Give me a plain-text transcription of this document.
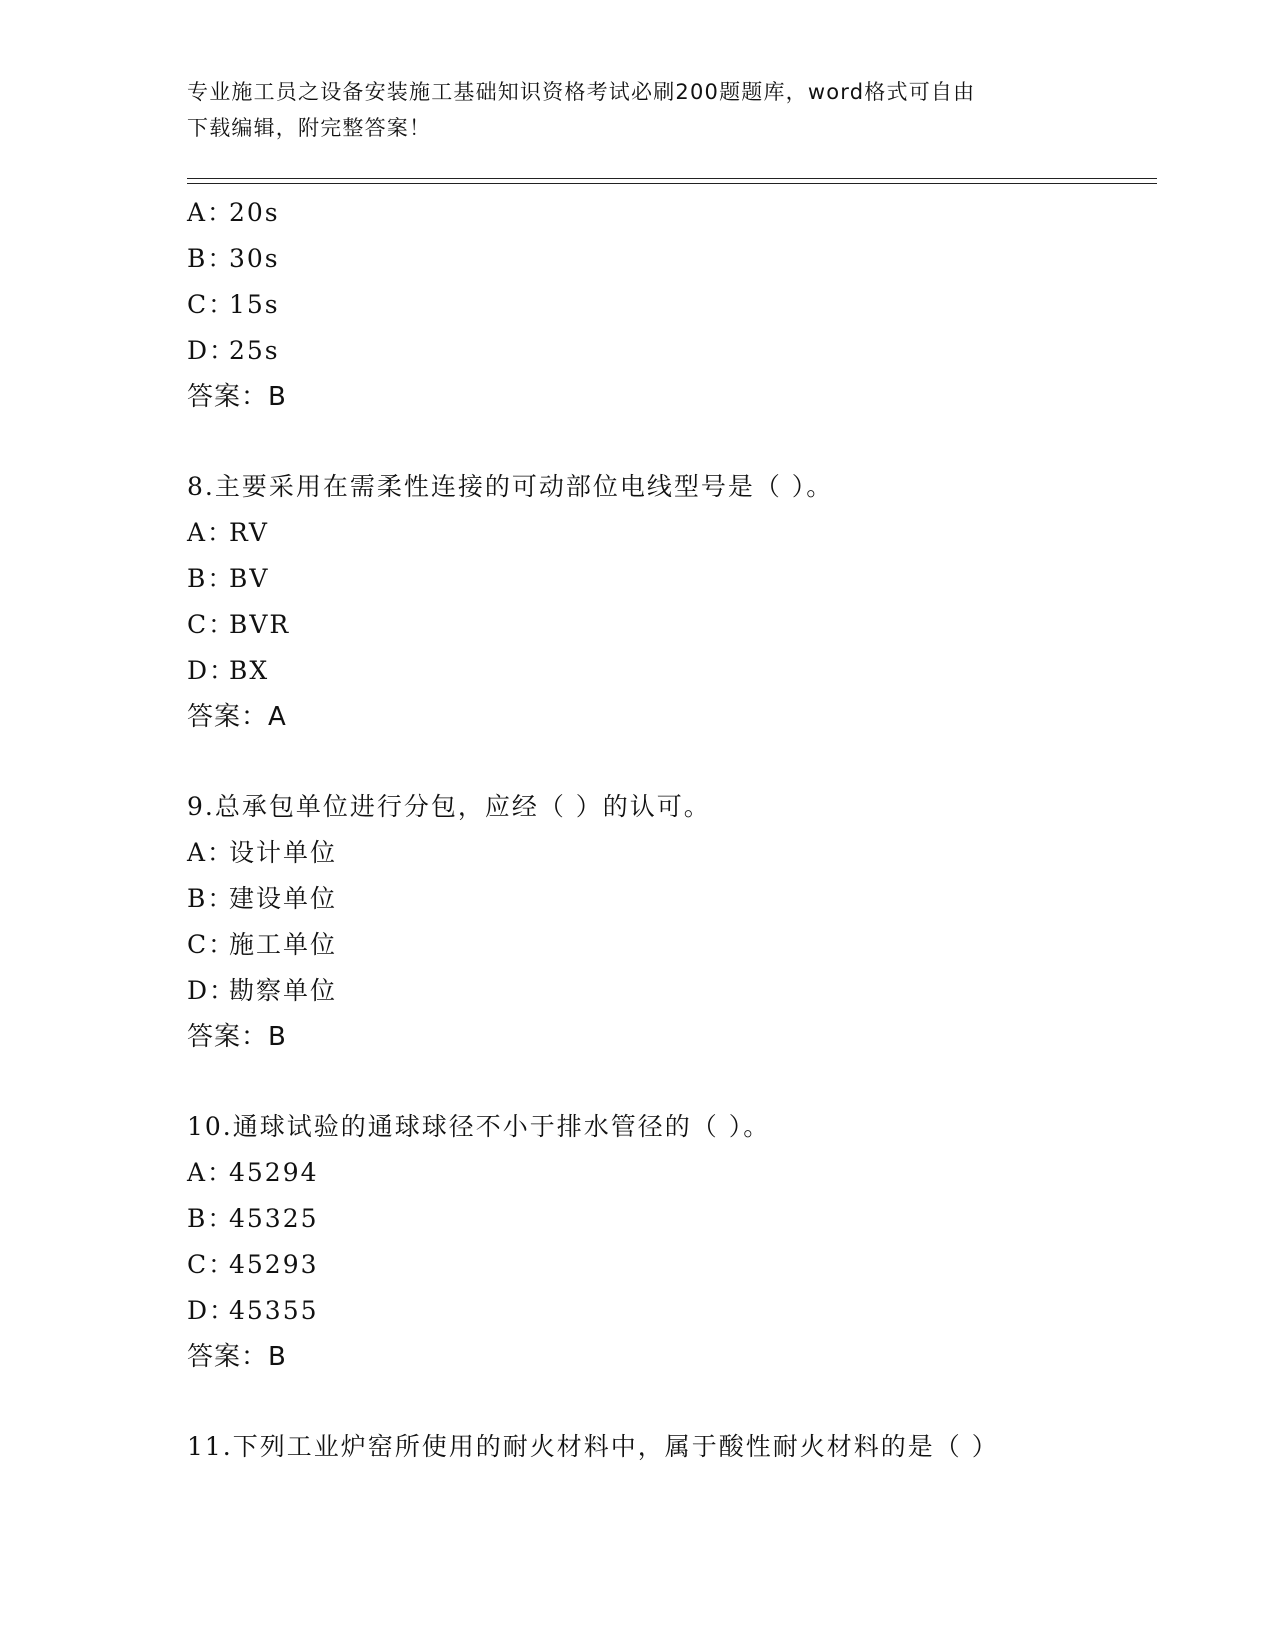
专业施工员之设备安装施工基础知识资格考试必刷200题题库，word格式可自由
下载编辑，附完整答案！
A：20s
B：30s
C：15s
D：25s
答案：B
8.主要采用在需柔性连接的可动部位电线型号是（ ）。
A：RV
B：BV
C：BVR
D：BX
答案：A
9.总承包单位进行分包，应经（ ）的认可。
A：设计单位
B：建设单位
C：施工单位
D：勘察单位
答案：B
10.通球试验的通球球径不小于排水管径的（ ）。
A：45294
B：45325
C：45293
D：45355
答案：B
11.下列工业炉窑所使用的耐火材料中，属于酸性耐火材料的是（ ）
